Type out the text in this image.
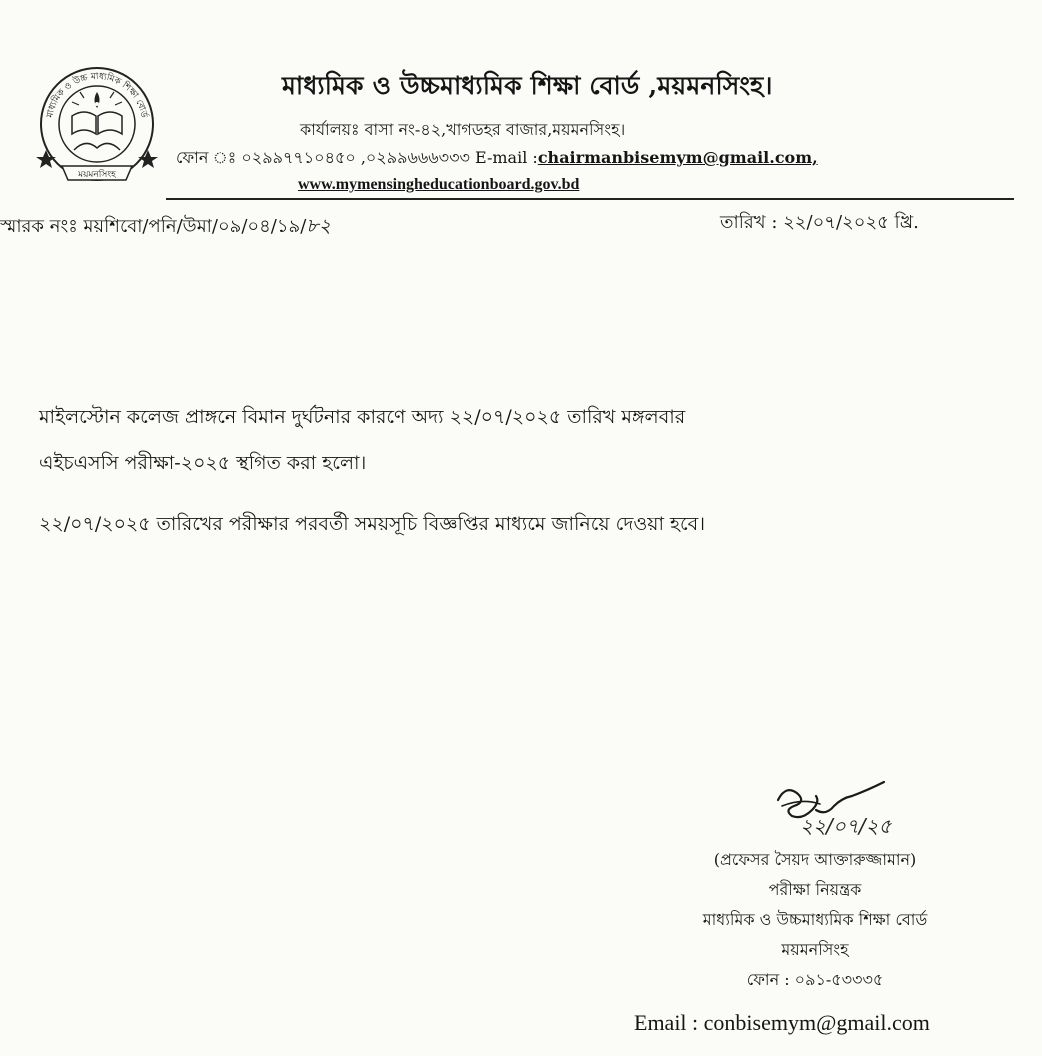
মাধ্যমিক ও উচ্চ মাধ্যমিক শিক্ষা বোর্ড
ময়মনসিংহ
মাধ্যমিক ও উচ্চমাধ্যমিক শিক্ষা বোর্ড ,ময়মনসিংহ।
কার্যালয়ঃ বাসা নং-৪২,খাগডহর বাজার,ময়মনসিংহ।
ফোন ঃ ০২৯৯৭৭১০৪৫০ ,০২৯৯৬৬৬৩৩৩ E-mail :chairmanbisemym@gmail.com,
www.mymensingheducationboard.gov.bd
স্মারক নংঃ ময়শিবো/পনি/উমা/০৯/০৪/১৯/৮২	তারিখ : ২২/০৭/২০২৫ খ্রি.
মাইলস্টোন কলেজ প্রাঙ্গনে বিমান দুর্ঘটনার কারণে অদ্য ২২/০৭/২০২৫ তারিখ মঙ্গলবার
এইচএসসি পরীক্ষা-২০২৫ স্থগিত করা হলো।
২২/০৭/২০২৫ তারিখের পরীক্ষার পরবর্তী সময়সূচি বিজ্ঞপ্তির মাধ্যমে জানিয়ে দেওয়া হবে।
২২/০৭/২৫
(প্রফেসর সৈয়দ আক্তারুজ্জামান)
পরীক্ষা নিয়ন্ত্রক
মাধ্যমিক ও উচ্চমাধ্যমিক শিক্ষা বোর্ড
ময়মনসিংহ
ফোন : ০৯১-৫৩৩৩৫
Email : conbisemym@gmail.com
